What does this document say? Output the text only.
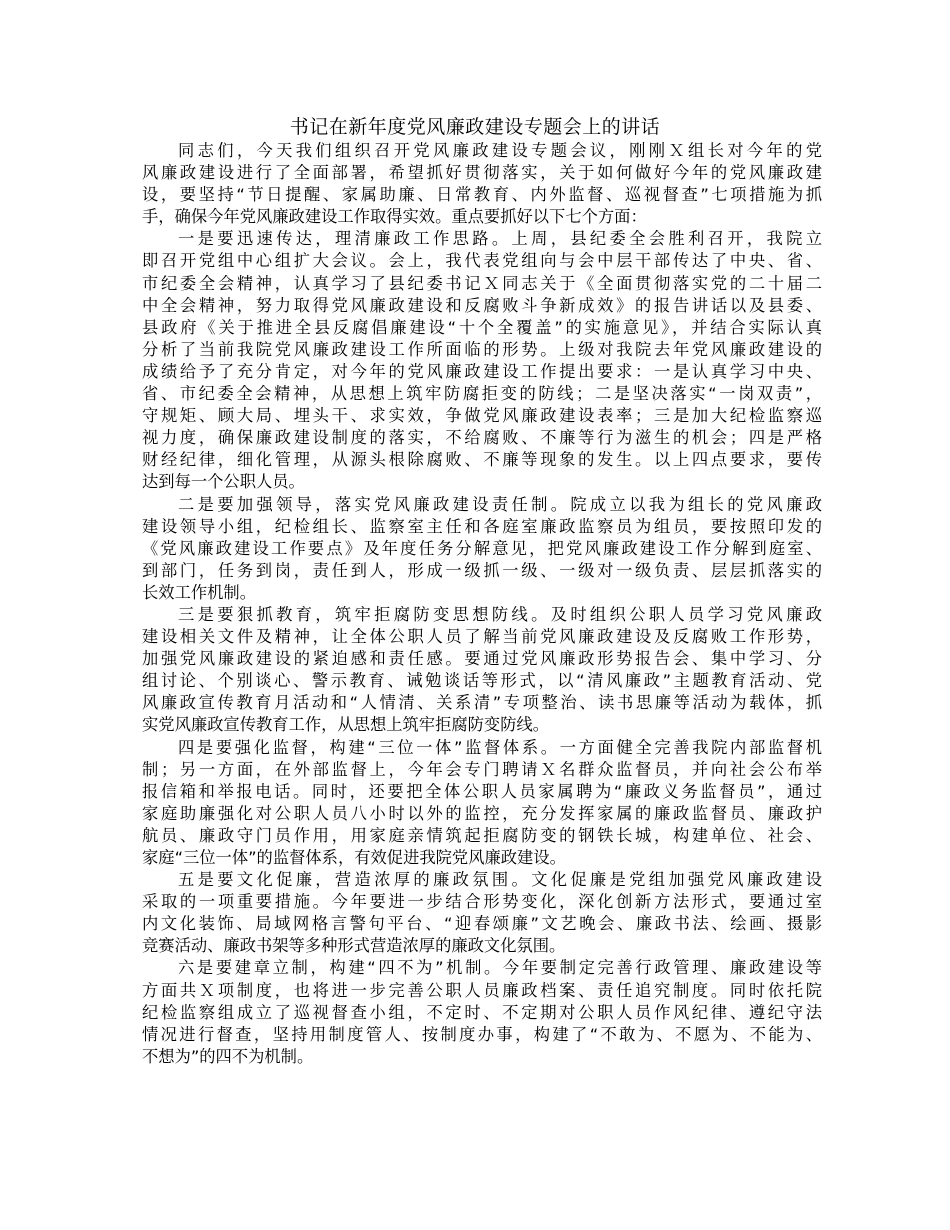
书记在新年度党风廉政建设专题会上的讲话
同志们，今天我们组织召开党风廉政建设专题会议，刚刚Ｘ组长对今年的党
风廉政建设进行了全面部署，希望抓好贯彻落实，关于如何做好今年的党风廉政建
设，要坚持“节日提醒、家属助廉、日常教育、内外监督、巡视督查”七项措施为抓
手，确保今年党风廉政建设工作取得实效。重点要抓好以下七个方面：
一是要迅速传达，理清廉政工作思路。上周，县纪委全会胜利召开，我院立
即召开党组中心组扩大会议。会上，我代表党组向与会中层干部传达了中央、省、
市纪委全会精神，认真学习了县纪委书记Ｘ同志关于《全面贯彻落实党的二十届二
中全会精神，努力取得党风廉政建设和反腐败斗争新成效》的报告讲话以及县委、
县政府《关于推进全县反腐倡廉建设“十个全覆盖”的实施意见》，并结合实际认真
分析了当前我院党风廉政建设工作所面临的形势。上级对我院去年党风廉政建设的
成绩给予了充分肯定，对今年的党风廉政建设工作提出要求：一是认真学习中央、
省、市纪委全会精神，从思想上筑牢防腐拒变的防线；二是坚决落实“一岗双责”，
守规矩、顾大局、埋头干、求实效，争做党风廉政建设表率；三是加大纪检监察巡
视力度，确保廉政建设制度的落实，不给腐败、不廉等行为滋生的机会；四是严格
财经纪律，细化管理，从源头根除腐败、不廉等现象的发生。以上四点要求，要传
达到每一个公职人员。
二是要加强领导，落实党风廉政建设责任制。院成立以我为组长的党风廉政
建设领导小组，纪检组长、监察室主任和各庭室廉政监察员为组员，要按照印发的
《党风廉政建设工作要点》及年度任务分解意见，把党风廉政建设工作分解到庭室、
到部门，任务到岗，责任到人，形成一级抓一级、一级对一级负责、层层抓落实的
长效工作机制。
三是要狠抓教育，筑牢拒腐防变思想防线。及时组织公职人员学习党风廉政
建设相关文件及精神，让全体公职人员了解当前党风廉政建设及反腐败工作形势，
加强党风廉政建设的紧迫感和责任感。要通过党风廉政形势报告会、集中学习、分
组讨论、个别谈心、警示教育、诫勉谈话等形式，以“清风廉政”主题教育活动、党
风廉政宣传教育月活动和“人情清、关系清”专项整治、读书思廉等活动为载体，抓
实党风廉政宣传教育工作，从思想上筑牢拒腐防变防线。
四是要强化监督，构建“三位一体”监督体系。一方面健全完善我院内部监督机
制；另一方面，在外部监督上，今年会专门聘请Ｘ名群众监督员，并向社会公布举
报信箱和举报电话。同时，还要把全体公职人员家属聘为“廉政义务监督员”，通过
家庭助廉强化对公职人员八小时以外的监控，充分发挥家属的廉政监督员、廉政护
航员、廉政守门员作用，用家庭亲情筑起拒腐防变的钢铁长城，构建单位、社会、
家庭“三位一体”的监督体系，有效促进我院党风廉政建设。
五是要文化促廉，营造浓厚的廉政氛围。文化促廉是党组加强党风廉政建设
采取的一项重要措施。今年要进一步结合形势变化，深化创新方法形式，要通过室
内文化装饰、局域网格言警句平台、“迎春颂廉”文艺晚会、廉政书法、绘画、摄影
竞赛活动、廉政书架等多种形式营造浓厚的廉政文化氛围。
六是要建章立制，构建“四不为”机制。今年要制定完善行政管理、廉政建设等
方面共Ｘ项制度，也将进一步完善公职人员廉政档案、责任追究制度。同时依托院
纪检监察组成立了巡视督查小组，不定时、不定期对公职人员作风纪律、遵纪守法
情况进行督查，坚持用制度管人、按制度办事，构建了“不敢为、不愿为、不能为、
不想为”的四不为机制。
